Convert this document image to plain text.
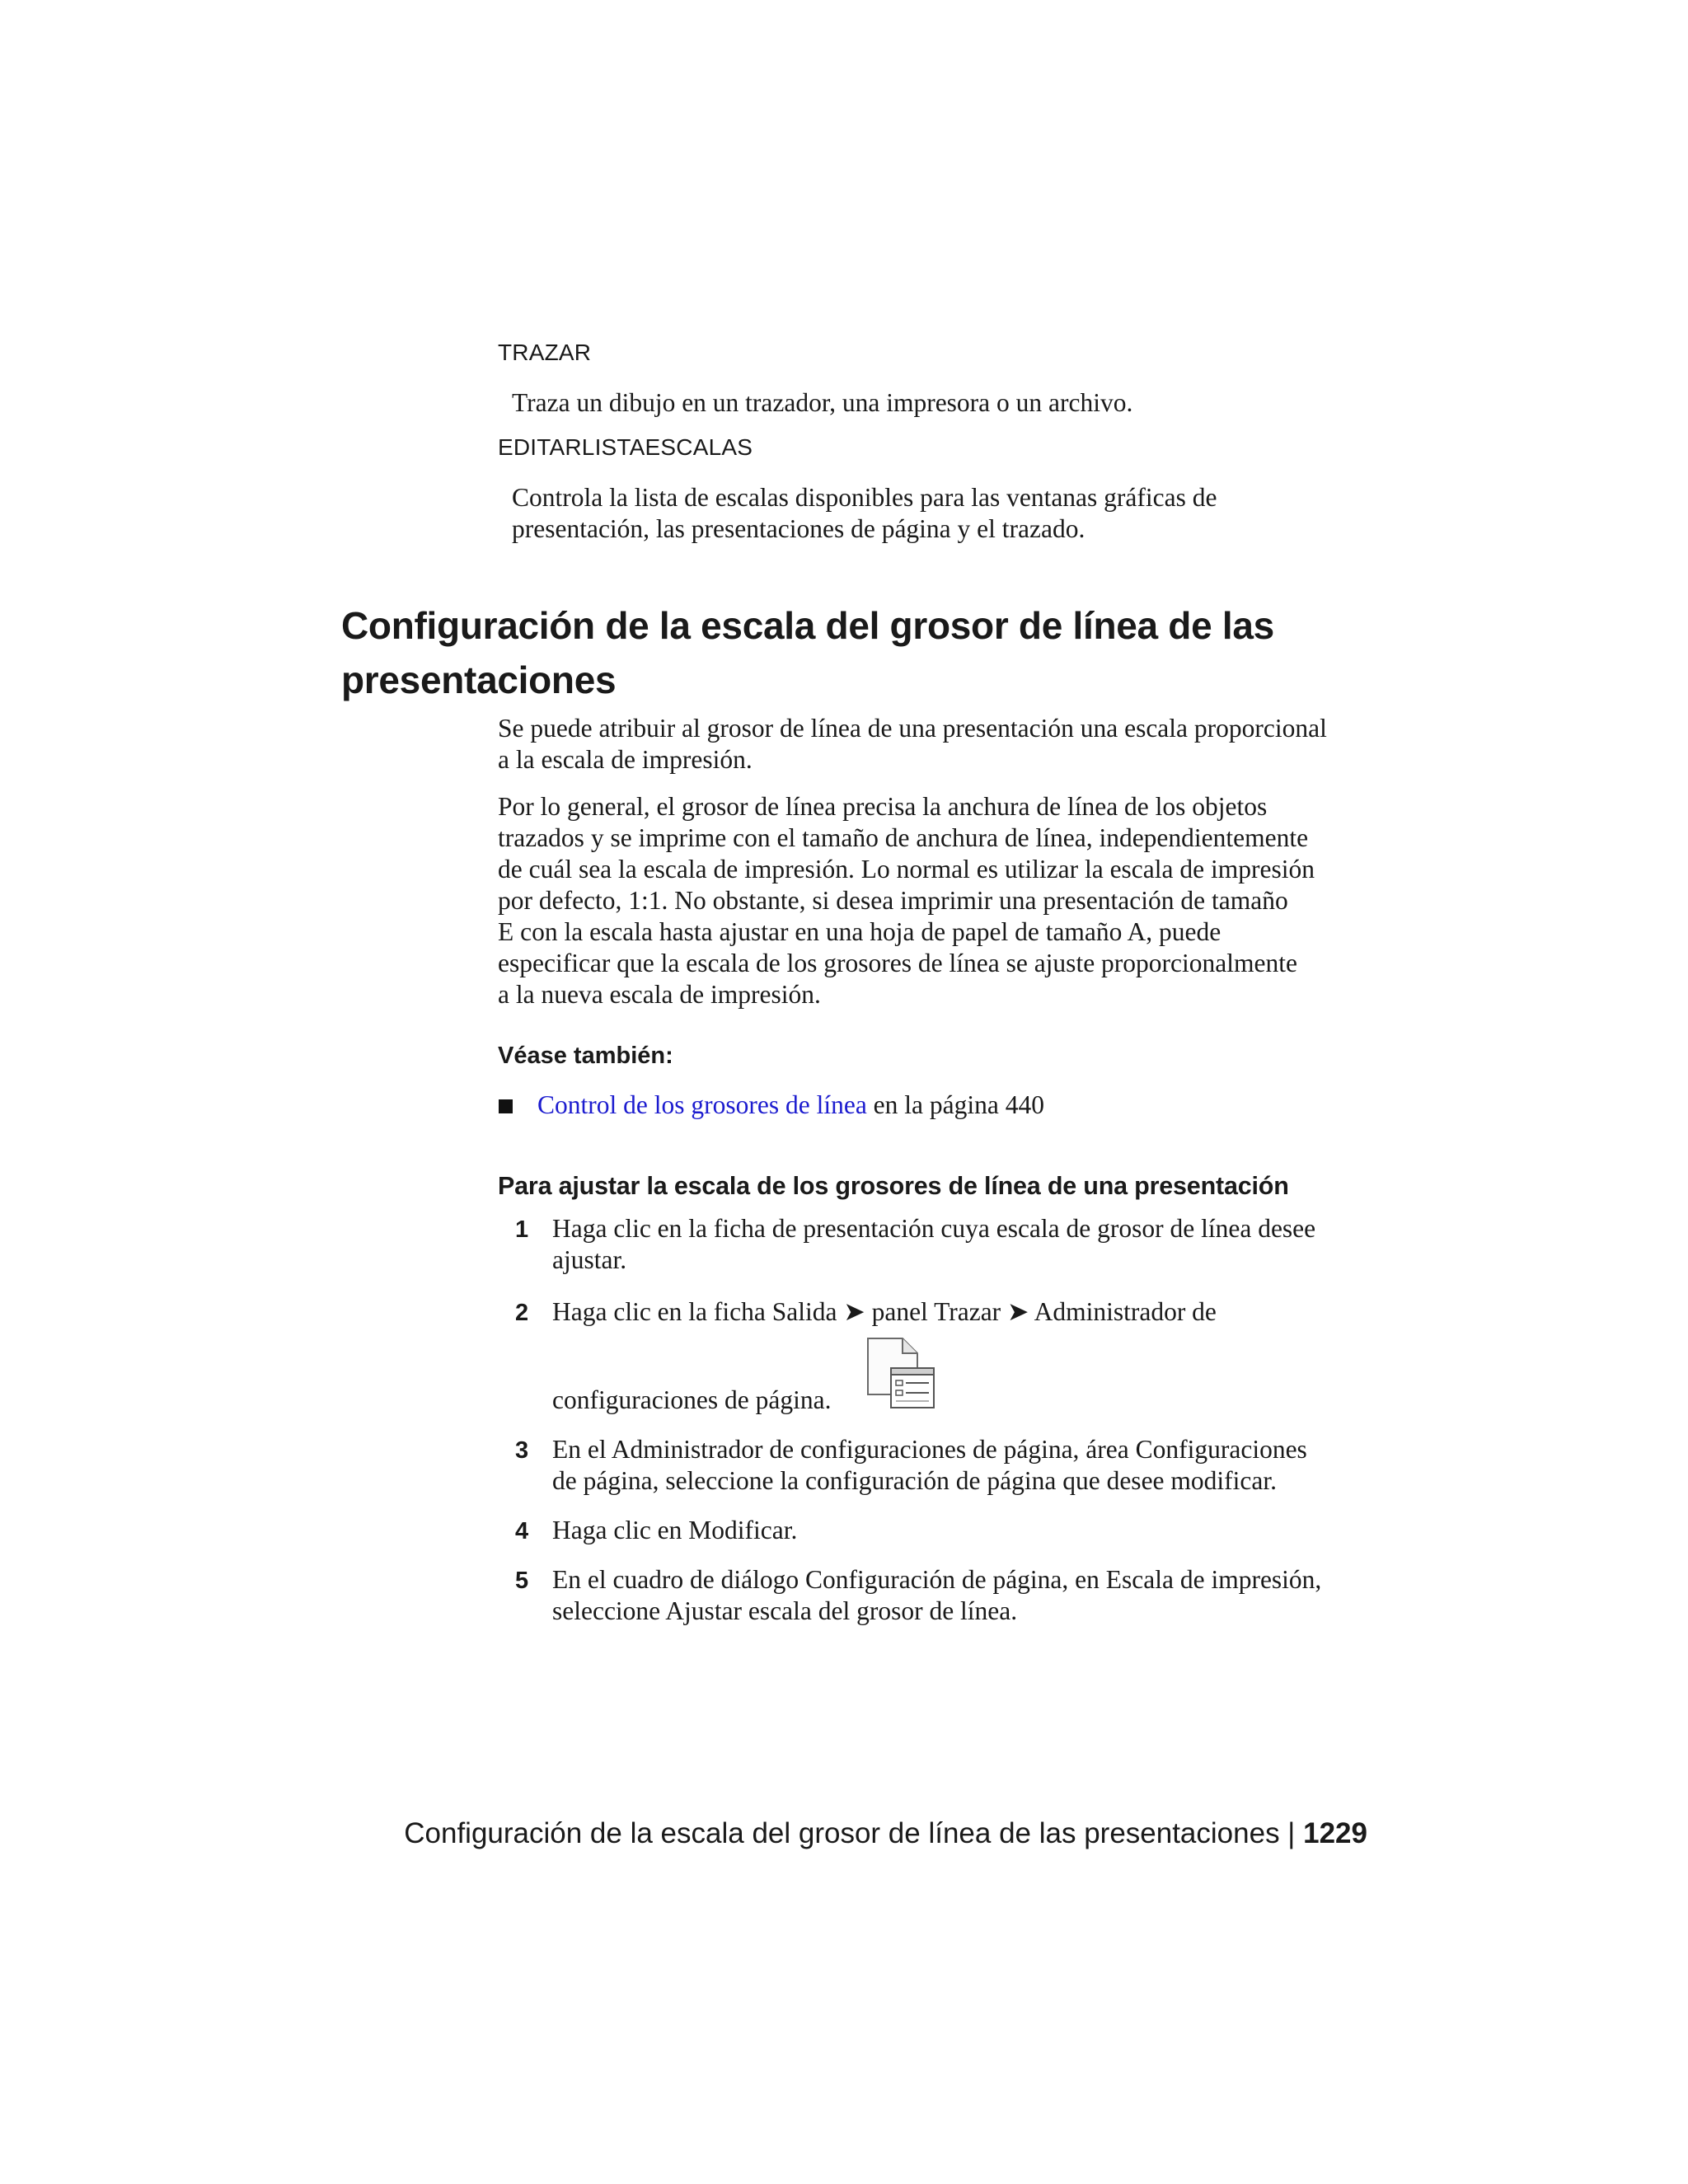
TRAZAR
Traza un dibujo en un trazador, una impresora o un archivo.
EDITARLISTAESCALAS
Controla la lista de escalas disponibles para las ventanas gráficas de
presentación, las presentaciones de página y el trazado.
Configuración de la escala del grosor de línea de las
presentaciones
Se puede atribuir al grosor de línea de una presentación una escala proporcional
a la escala de impresión.
Por lo general, el grosor de línea precisa la anchura de línea de los objetos
trazados y se imprime con el tamaño de anchura de línea, independientemente
de cuál sea la escala de impresión. Lo normal es utilizar la escala de impresión
por defecto, 1:1. No obstante, si desea imprimir una presentación de tamaño
E con la escala hasta ajustar en una hoja de papel de tamaño A, puede
especificar que la escala de los grosores de línea se ajuste proporcionalmente
a la nueva escala de impresión.
Véase también:
Control de los grosores de línea en la página 440
Para ajustar la escala de los grosores de línea de una presentación
1 Haga clic en la ficha de presentación cuya escala de grosor de línea desee
ajustar.
2 Haga clic en la ficha Salida ➤ panel Trazar ➤ Administrador de
configuraciones de página.
3 En el Administrador de configuraciones de página, área Configuraciones
de página, seleccione la configuración de página que desee modificar.
4 Haga clic en Modificar.
5 En el cuadro de diálogo Configuración de página, en Escala de impresión,
seleccione Ajustar escala del grosor de línea.
Configuración de la escala del grosor de línea de las presentaciones | 1229
